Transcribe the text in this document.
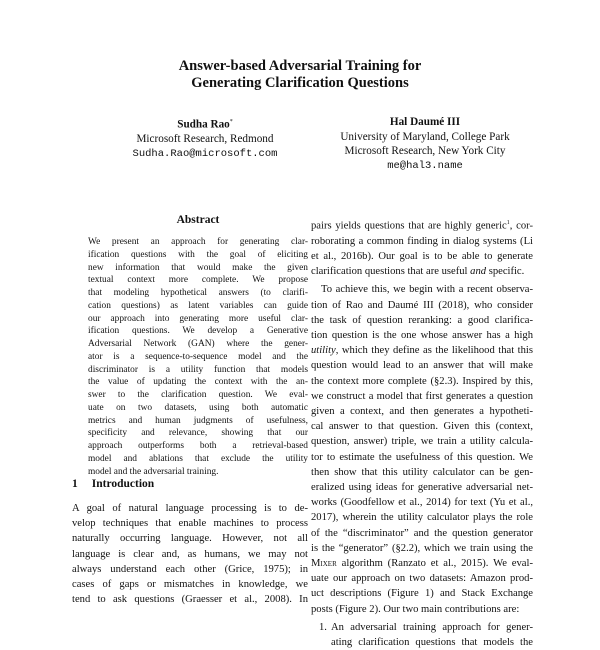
Answer-based Adversarial Training for
Generating Clarification Questions
Sudha Rao*
Microsoft Research, Redmond
Sudha.Rao@microsoft.com
Hal Daumé III
University of Maryland, College Park
Microsoft Research, New York City
me@hal3.name
Abstract
We present an approach for generating clar-
ification questions with the goal of eliciting
new information that would make the given
textual context more complete. We propose
that modeling hypothetical answers (to clarifi-
cation questions) as latent variables can guide
our approach into generating more useful clar-
ification questions. We develop a Generative
Adversarial Network (GAN) where the gener-
ator is a sequence-to-sequence model and the
discriminator is a utility function that models
the value of updating the context with the an-
swer to the clarification question. We eval-
uate on two datasets, using both automatic
metrics and human judgments of usefulness,
specificity and relevance, showing that our
approach outperforms both a retrieval-based
model and ablations that exclude the utility
model and the adversarial training.
1 Introduction
A goal of natural language processing is to de-
velop techniques that enable machines to process
naturally occurring language. However, not all
language is clear and, as humans, we may not
always understand each other (Grice, 1975); in
cases of gaps or mismatches in knowledge, we
tend to ask questions (Graesser et al., 2008). In
pairs yields questions that are highly generic$^1$, cor-
roborating a common finding in dialog systems (Li
et al., 2016b). Our goal is to be able to generate
clarification questions that are useful and specific.
To achieve this, we begin with a recent observa-
tion of Rao and Daumé III (2018), who consider
the task of question reranking: a good clarifica-
tion question is the one whose answer has a high
utility, which they define as the likelihood that this
question would lead to an answer that will make
the context more complete (§2.3). Inspired by this,
we construct a model that first generates a question
given a context, and then generates a hypotheti-
cal answer to that question. Given this (context,
question, answer) triple, we train a utility calcula-
tor to estimate the usefulness of this question. We
then show that this utility calculator can be gen-
eralized using ideas for generative adversarial net-
works (Goodfellow et al., 2014) for text (Yu et al.,
2017), wherein the utility calculator plays the role
of the “discriminator” and the question generator
is the “generator” (§2.2), which we train using the
Mixer algorithm (Ranzato et al., 2015). We eval-
uate our approach on two datasets: Amazon prod-
uct descriptions (Figure 1) and Stack Exchange
posts (Figure 2). Our two main contributions are:
1. An adversarial training approach for gener-
ating clarification questions that models the
